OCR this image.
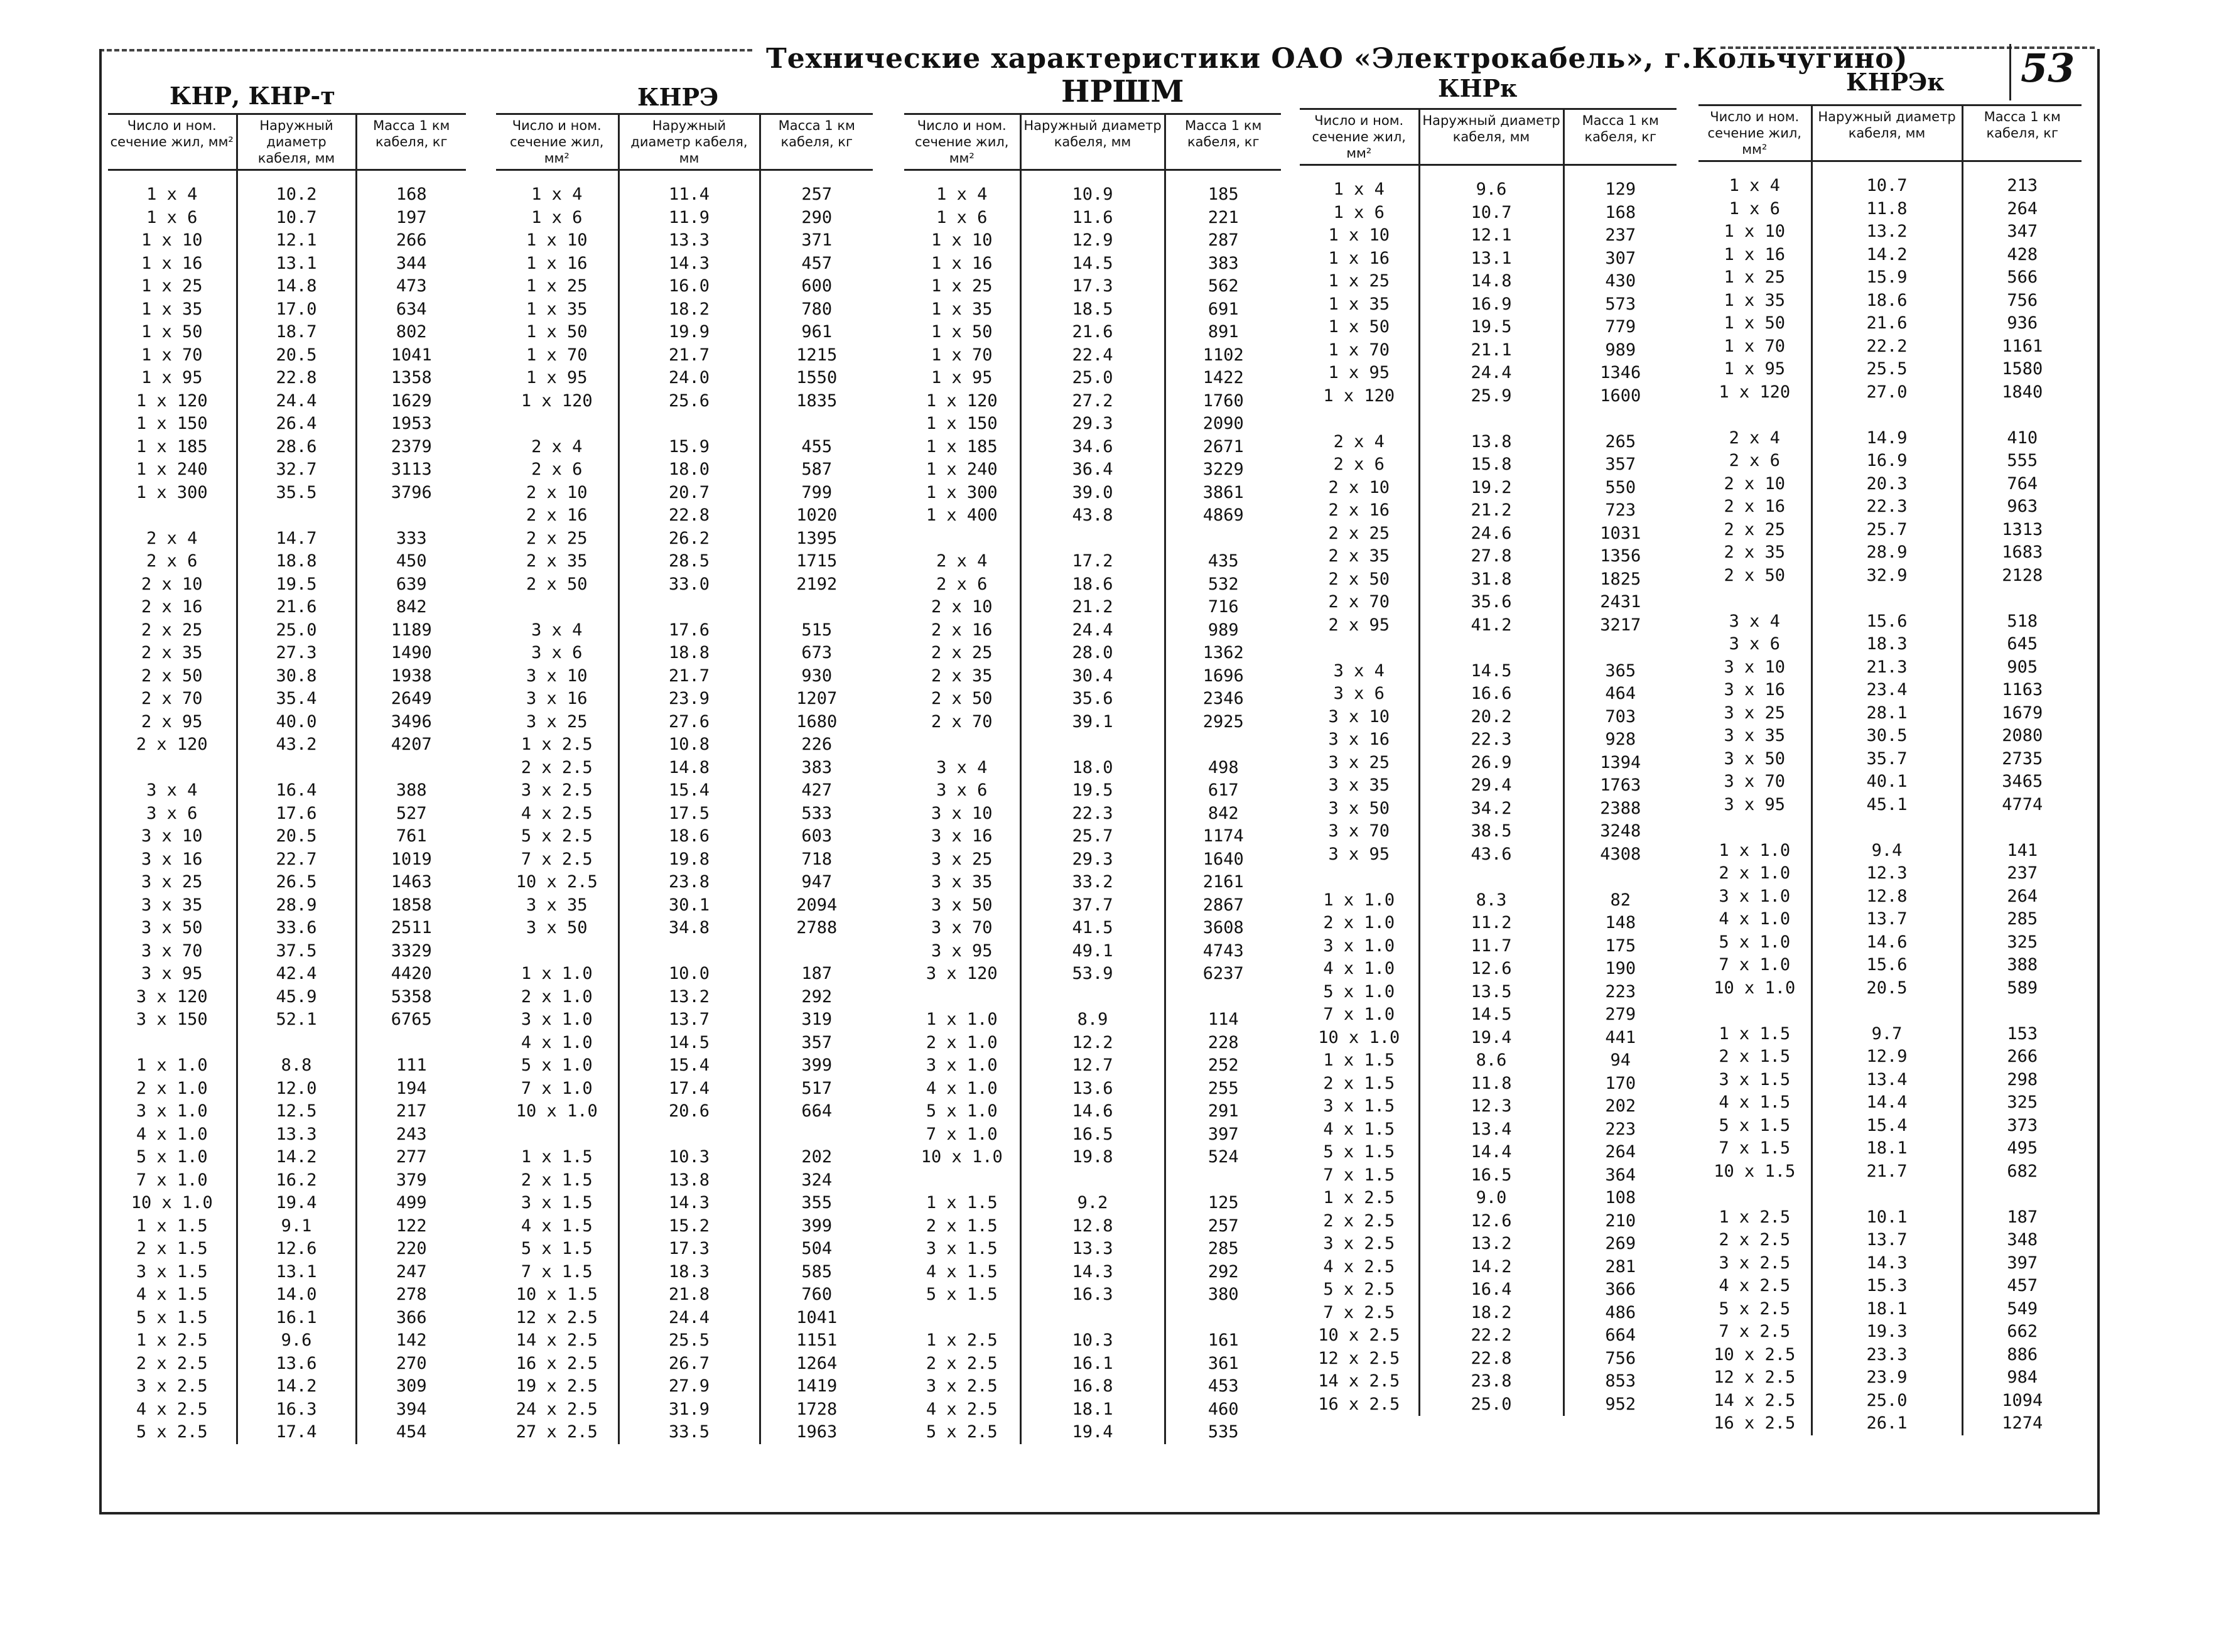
Технические характеристики ОАО «Электрокабель», г.Кольчугино)	53
КНР, КНР-т	КНРЭ	НРШМ	КНРк	КНРЭк
Число и ном. сечение жил, мм²	Наружный диаметр кабеля, мм	Масса 1 км кабеля, кг
1 x 4	10.2	168
1 x 6	10.7	197
1 x 10	12.1	266
1 x 16	13.1	344
1 x 25	14.8	473
1 x 35	17.0	634
1 x 50	18.7	802
1 x 70	20.5	1041
1 x 95	22.8	1358
1 x 120	24.4	1629
1 x 150	26.4	1953
1 x 185	28.6	2379
1 x 240	32.7	3113
1 x 300	35.5	3796

2 x 4	14.7	333
2 x 6	18.8	450
2 x 10	19.5	639
2 x 16	21.6	842
2 x 25	25.0	1189
2 x 35	27.3	1490
2 x 50	30.8	1938
2 x 70	35.4	2649
2 x 95	40.0	3496
2 x 120	43.2	4207

3 x 4	16.4	388
3 x 6	17.6	527
3 x 10	20.5	761
3 x 16	22.7	1019
3 x 25	26.5	1463
3 x 35	28.9	1858
3 x 50	33.6	2511
3 x 70	37.5	3329
3 x 95	42.4	4420
3 x 120	45.9	5358
3 x 150	52.1	6765

1 x 1.0	8.8	111
2 x 1.0	12.0	194
3 x 1.0	12.5	217
4 x 1.0	13.3	243
5 x 1.0	14.2	277
7 x 1.0	16.2	379
10 x 1.0	19.4	499
1 x 1.5	9.1	122
2 x 1.5	12.6	220
3 x 1.5	13.1	247
4 x 1.5	14.0	278
5 x 1.5	16.1	366
1 x 2.5	9.6	142
2 x 2.5	13.6	270
3 x 2.5	14.2	309
4 x 2.5	16.3	394
5 x 2.5	17.4	454
Число и ном. сечение жил, мм²	Наружный диаметр кабеля, мм	Масса 1 км кабеля, кг
1 x 4	11.4	257
1 x 6	11.9	290
1 x 10	13.3	371
1 x 16	14.3	457
1 x 25	16.0	600
1 x 35	18.2	780
1 x 50	19.9	961
1 x 70	21.7	1215
1 x 95	24.0	1550
1 x 120	25.6	1835

2 x 4	15.9	455
2 x 6	18.0	587
2 x 10	20.7	799
2 x 16	22.8	1020
2 x 25	26.2	1395
2 x 35	28.5	1715
2 x 50	33.0	2192

3 x 4	17.6	515
3 x 6	18.8	673
3 x 10	21.7	930
3 x 16	23.9	1207
3 x 25	27.6	1680
1 x 2.5	10.8	226
2 x 2.5	14.8	383
3 x 2.5	15.4	427
4 x 2.5	17.5	533
5 x 2.5	18.6	603
7 x 2.5	19.8	718
10 x 2.5	23.8	947
3 x 35	30.1	2094
3 x 50	34.8	2788

1 x 1.0	10.0	187
2 x 1.0	13.2	292
3 x 1.0	13.7	319
4 x 1.0	14.5	357
5 x 1.0	15.4	399
7 x 1.0	17.4	517
10 x 1.0	20.6	664

1 x 1.5	10.3	202
2 x 1.5	13.8	324
3 x 1.5	14.3	355
4 x 1.5	15.2	399
5 x 1.5	17.3	504
7 x 1.5	18.3	585
10 x 1.5	21.8	760
12 x 2.5	24.4	1041
14 x 2.5	25.5	1151
16 x 2.5	26.7	1264
19 x 2.5	27.9	1419
24 x 2.5	31.9	1728
27 x 2.5	33.5	1963
Число и ном. сечение жил, мм²	Наружный диаметр кабеля, мм	Масса 1 км кабеля, кг
1 x 4	10.9	185
1 x 6	11.6	221
1 x 10	12.9	287
1 x 16	14.5	383
1 x 25	17.3	562
1 x 35	18.5	691
1 x 50	21.6	891
1 x 70	22.4	1102
1 x 95	25.0	1422
1 x 120	27.2	1760
1 x 150	29.3	2090
1 x 185	34.6	2671
1 x 240	36.4	3229
1 x 300	39.0	3861
1 x 400	43.8	4869

2 x 4	17.2	435
2 x 6	18.6	532
2 x 10	21.2	716
2 x 16	24.4	989
2 x 25	28.0	1362
2 x 35	30.4	1696
2 x 50	35.6	2346
2 x 70	39.1	2925

3 x 4	18.0	498
3 x 6	19.5	617
3 x 10	22.3	842
3 x 16	25.7	1174
3 x 25	29.3	1640
3 x 35	33.2	2161
3 x 50	37.7	2867
3 x 70	41.5	3608
3 x 95	49.1	4743
3 x 120	53.9	6237

1 x 1.0	8.9	114
2 x 1.0	12.2	228
3 x 1.0	12.7	252
4 x 1.0	13.6	255
5 x 1.0	14.6	291
7 x 1.0	16.5	397
10 x 1.0	19.8	524

1 x 1.5	9.2	125
2 x 1.5	12.8	257
3 x 1.5	13.3	285
4 x 1.5	14.3	292
5 x 1.5	16.3	380

1 x 2.5	10.3	161
2 x 2.5	16.1	361
3 x 2.5	16.8	453
4 x 2.5	18.1	460
5 x 2.5	19.4	535
Число и ном. сечение жил, мм²	Наружный диаметр кабеля, мм	Масса 1 км кабеля, кг
1 x 4	9.6	129
1 x 6	10.7	168
1 x 10	12.1	237
1 x 16	13.1	307
1 x 25	14.8	430
1 x 35	16.9	573
1 x 50	19.5	779
1 x 70	21.1	989
1 x 95	24.4	1346
1 x 120	25.9	1600

2 x 4	13.8	265
2 x 6	15.8	357
2 x 10	19.2	550
2 x 16	21.2	723
2 x 25	24.6	1031
2 x 35	27.8	1356
2 x 50	31.8	1825
2 x 70	35.6	2431
2 x 95	41.2	3217

3 x 4	14.5	365
3 x 6	16.6	464
3 x 10	20.2	703
3 x 16	22.3	928
3 x 25	26.9	1394
3 x 35	29.4	1763
3 x 50	34.2	2388
3 x 70	38.5	3248
3 x 95	43.6	4308

1 x 1.0	8.3	82
2 x 1.0	11.2	148
3 x 1.0	11.7	175
4 x 1.0	12.6	190
5 x 1.0	13.5	223
7 x 1.0	14.5	279
10 x 1.0	19.4	441
1 x 1.5	8.6	94
2 x 1.5	11.8	170
3 x 1.5	12.3	202
4 x 1.5	13.4	223
5 x 1.5	14.4	264
7 x 1.5	16.5	364
1 x 2.5	9.0	108
2 x 2.5	12.6	210
3 x 2.5	13.2	269
4 x 2.5	14.2	281
5 x 2.5	16.4	366
7 x 2.5	18.2	486
10 x 2.5	22.2	664
12 x 2.5	22.8	756
14 x 2.5	23.8	853
16 x 2.5	25.0	952
Число и ном. сечение жил, мм²	Наружный диаметр кабеля, мм	Масса 1 км кабеля, кг
1 x 4	10.7	213
1 x 6	11.8	264
1 x 10	13.2	347
1 x 16	14.2	428
1 x 25	15.9	566
1 x 35	18.6	756
1 x 50	21.6	936
1 x 70	22.2	1161
1 x 95	25.5	1580
1 x 120	27.0	1840

2 x 4	14.9	410
2 x 6	16.9	555
2 x 10	20.3	764
2 x 16	22.3	963
2 x 25	25.7	1313
2 x 35	28.9	1683
2 x 50	32.9	2128

3 x 4	15.6	518
3 x 6	18.3	645
3 x 10	21.3	905
3 x 16	23.4	1163
3 x 25	28.1	1679
3 x 35	30.5	2080
3 x 50	35.7	2735
3 x 70	40.1	3465
3 x 95	45.1	4774

1 x 1.0	9.4	141
2 x 1.0	12.3	237
3 x 1.0	12.8	264
4 x 1.0	13.7	285
5 x 1.0	14.6	325
7 x 1.0	15.6	388
10 x 1.0	20.5	589

1 x 1.5	9.7	153
2 x 1.5	12.9	266
3 x 1.5	13.4	298
4 x 1.5	14.4	325
5 x 1.5	15.4	373
7 x 1.5	18.1	495
10 x 1.5	21.7	682

1 x 2.5	10.1	187
2 x 2.5	13.7	348
3 x 2.5	14.3	397
4 x 2.5	15.3	457
5 x 2.5	18.1	549
7 x 2.5	19.3	662
10 x 2.5	23.3	886
12 x 2.5	23.9	984
14 x 2.5	25.0	1094
16 x 2.5	26.1	1274
